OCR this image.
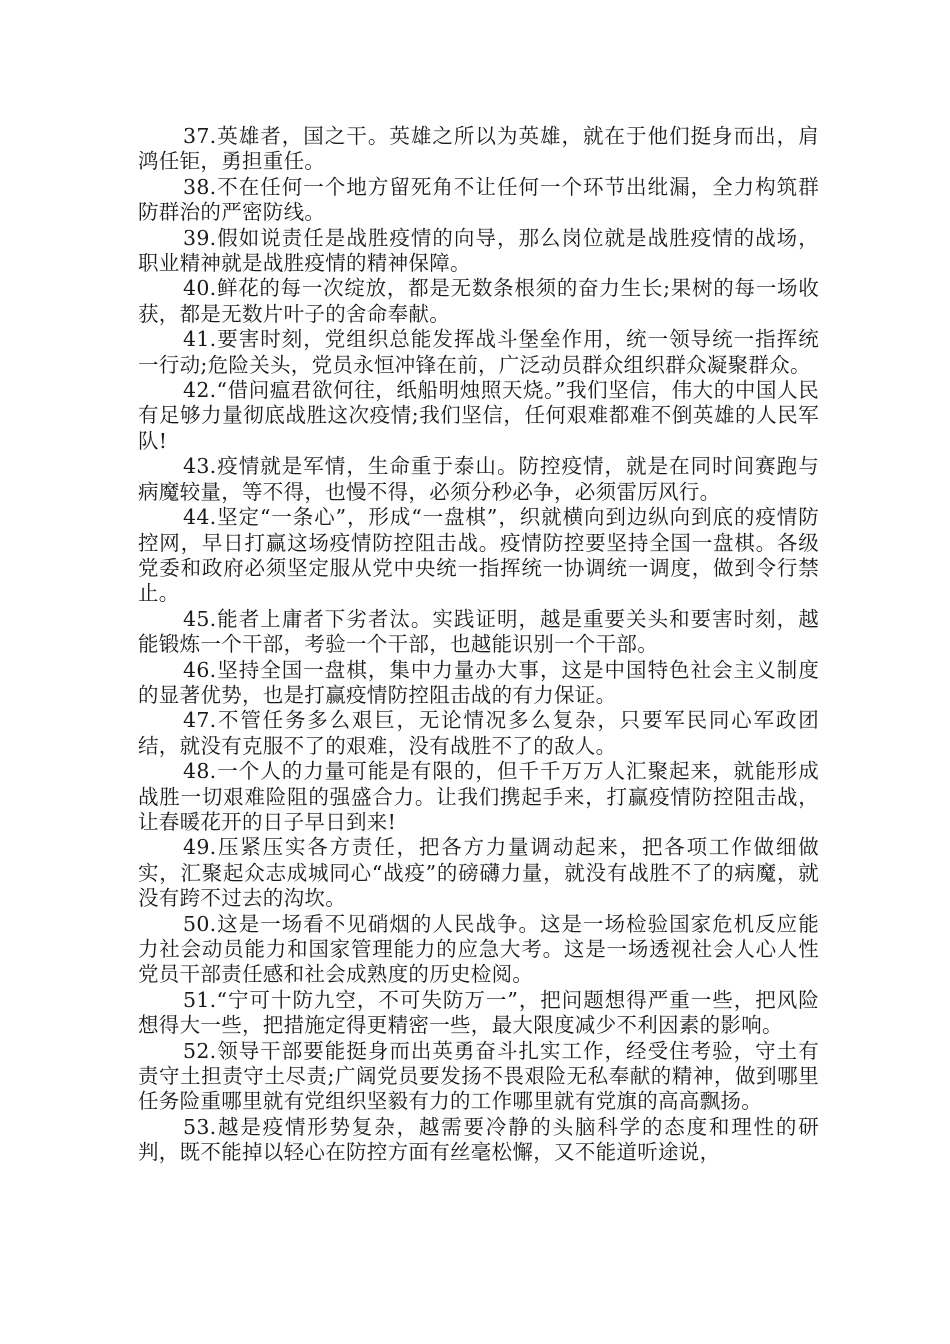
37.英雄者，国之干。英雄之所以为英雄，就在于他们挺身而出，肩鸿任钜，勇担重任。

38.不在任何一个地方留死角不让任何一个环节出纰漏，全力构筑群防群治的严密防线。

39.假如说责任是战胜疫情的向导，那么岗位就是战胜疫情的战场，职业精神就是战胜疫情的精神保障。

40.鲜花的每一次绽放，都是无数条根须的奋力生长;果树的每一场收获，都是无数片叶子的舍命奉献。

41.要害时刻，党组织总能发挥战斗堡垒作用，统一领导统一指挥统一行动;危险关头，党员永恒冲锋在前，广泛动员群众组织群众凝聚群众。

42.“借问瘟君欲何往，纸船明烛照天烧。”我们坚信，伟大的中国人民有足够力量彻底战胜这次疫情;我们坚信，任何艰难都难不倒英雄的人民军队!

43.疫情就是军情，生命重于泰山。防控疫情，就是在同时间赛跑与病魔较量，等不得，也慢不得，必须分秒必争，必须雷厉风行。

44.坚定“一条心”，形成“一盘棋”，织就横向到边纵向到底的疫情防控网，早日打赢这场疫情防控阻击战。疫情防控要坚持全国一盘棋。各级党委和政府必须坚定服从党中央统一指挥统一协调统一调度，做到令行禁止。

45.能者上庸者下劣者汰。实践证明，越是重要关头和要害时刻，越能锻炼一个干部，考验一个干部，也越能识别一个干部。

46.坚持全国一盘棋，集中力量办大事，这是中国特色社会主义制度的显著优势，也是打赢疫情防控阻击战的有力保证。

47.不管任务多么艰巨，无论情况多么复杂，只要军民同心军政团结，就没有克服不了的艰难，没有战胜不了的敌人。

48.一个人的力量可能是有限的，但千千万万人汇聚起来，就能形成战胜一切艰难险阻的强盛合力。让我们携起手来，打赢疫情防控阻击战，让春暖花开的日子早日到来!

49.压紧压实各方责任，把各方力量调动起来，把各项工作做细做实，汇聚起众志成城同心“战疫”的磅礴力量，就没有战胜不了的病魔，就没有跨不过去的沟坎。

50.这是一场看不见硝烟的人民战争。这是一场检验国家危机反应能力社会动员能力和国家管理能力的应急大考。这是一场透视社会人心人性党员干部责任感和社会成熟度的历史检阅。

51.“宁可十防九空，不可失防万一”，把问题想得严重一些，把风险想得大一些，把措施定得更精密一些，最大限度减少不利因素的影响。

52.领导干部要能挺身而出英勇奋斗扎实工作，经受住考验，守土有责守土担责守土尽责;广阔党员要发扬不畏艰险无私奉献的精神，做到哪里任务险重哪里就有党组织坚毅有力的工作哪里就有党旗的高高飘扬。

53.越是疫情形势复杂，越需要冷静的头脑科学的态度和理性的研判，既不能掉以轻心在防控方面有丝毫松懈，又不能道听途说，
